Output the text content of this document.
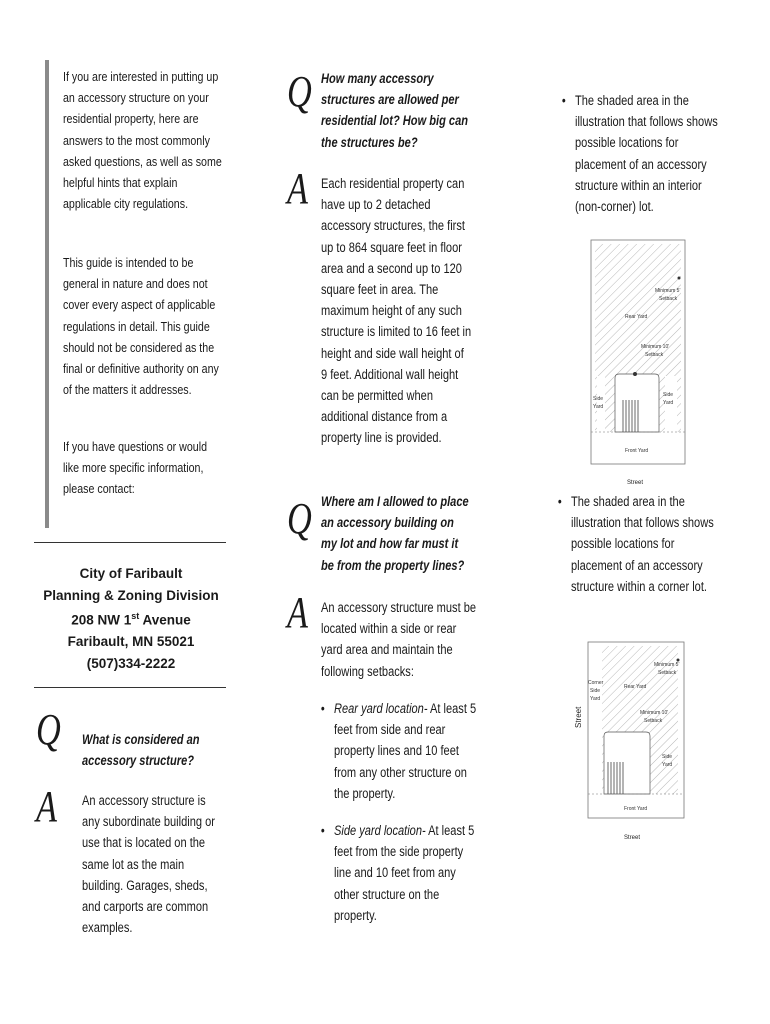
If you are interested in putting up an accessory structure on your residential property, here are answers to the most commonly asked questions, as well as some helpful hints that explain applicable city regulations.

This guide is intended to be general in nature and does not cover every aspect of applicable regulations in detail. This guide should not be considered as the final or definitive authority on any of the matters it addresses.

If you have questions or would like more specific information, please contact:

City of Faribault
Planning & Zoning Division
208 NW 1st Avenue
Faribault, MN 55021
(507)334-2222
Q What is considered an accessory structure?
A An accessory structure is any subordinate building or use that is located on the same lot as the main building. Garages, sheds, and carports are common examples.
Q How many accessory structures are allowed per residential lot? How big can the structures be?
A Each residential property can have up to 2 detached accessory structures, the first up to 864 square feet in floor area and a second up to 120 square feet in area. The maximum height of any such structure is limited to 16 feet in height and side wall height of 9 feet. Additional wall height can be permitted when additional distance from a property line is provided.
Q Where am I allowed to place an accessory building on my lot and how far must it be from the property lines?
A An accessory structure must be located within a side or rear yard area and maintain the following setbacks:
• Rear yard location- At least 5 feet from side and rear property lines and 10 feet from any other structure on the property.
• Side yard location- At least 5 feet from the side property line and 10 feet from any other structure on the property.
• The shaded area in the illustration that follows shows possible locations for placement of an accessory structure within an interior (non-corner) lot.
Minimum 5'
Setback
Rear Yard
Minimum 10'
Setback
Side
Yard
Side
Yard
Front Yard
Street
• The shaded area in the illustration that follows shows possible locations for placement of an accessory structure within a corner lot.
Minimum 5'
Setback
Corner
Side
Yard
Rear Yard
Minimum 10'
Setback
Side
Yard
Front Yard
Street
Street
